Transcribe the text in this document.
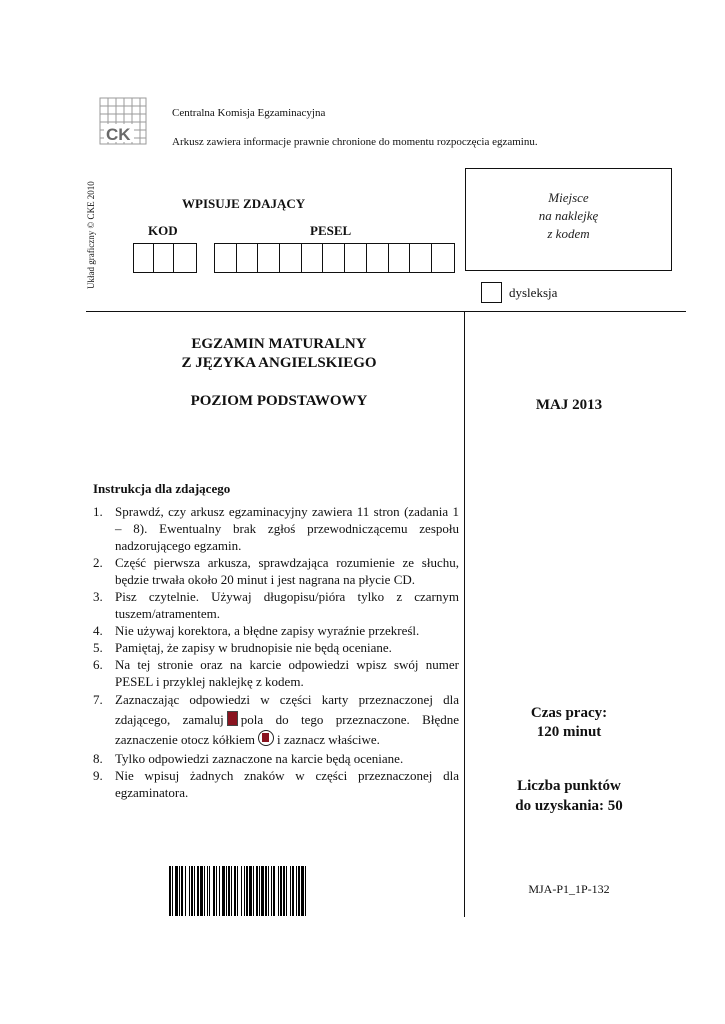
CK
Centralna Komisja Egzaminacyjna
Arkusz zawiera informacje prawnie chronione do momentu rozpoczęcia egzaminu.
Układ graficzny © CKE 2010	WPISUJE ZDAJĄCY
KOD	PESEL
Miejsce
na naklejkę
z kodem
dysleksja
EGZAMIN MATURALNY
Z JĘZYKA ANGIELSKIEGO
POZIOM PODSTAWOWY	MAJ 2013
Instrukcja dla zdającego
1. Sprawdź, czy arkusz egzaminacyjny zawiera 11 stron (zadania 1 – 8). Ewentualny brak zgłoś przewodniczącemu zespołu nadzorującego egzamin.
2. Część pierwsza arkusza, sprawdzająca rozumienie ze słuchu, będzie trwała około 20 minut i jest nagrana na płycie CD.
3. Pisz czytelnie. Używaj długopisu/pióra tylko z czarnym tuszem/atramentem.
4. Nie używaj korektora, a błędne zapisy wyraźnie przekreśl.
5. Pamiętaj, że zapisy w brudnopisie nie będą oceniane.
6. Na tej stronie oraz na karcie odpowiedzi wpisz swój numer PESEL i przyklej naklejkę z kodem.
7. Zaznaczając odpowiedzi w części karty przeznaczonej dla zdającego, zamaluj pola do tego przeznaczone. Błędne zaznaczenie otocz kółkiem i zaznacz właściwe.
8. Tylko odpowiedzi zaznaczone na karcie będą oceniane.
9. Nie wpisuj żadnych znaków w części przeznaczonej dla egzaminatora.
Czas pracy:
120 minut
Liczba punktów
do uzyskania: 50
MJA-P1_1P-132
